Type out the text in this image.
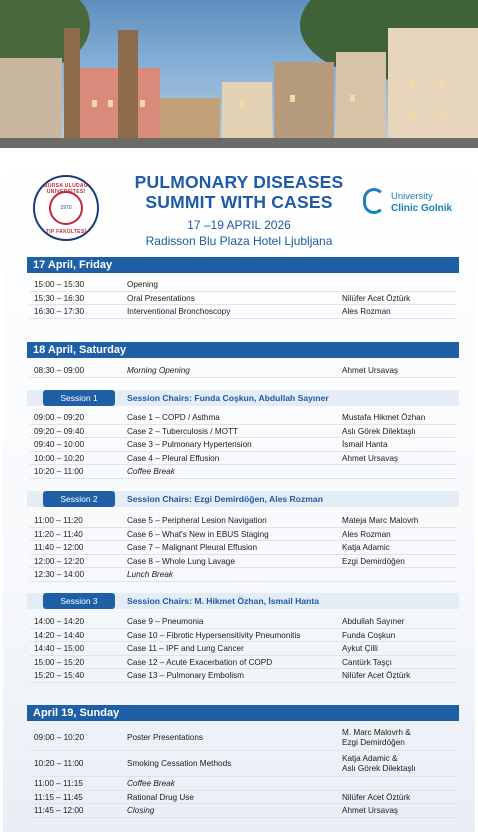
BURSA ULUDAĞ ÜNİVERSİTESİ
1970
TIP FAKÜLTESİ
PULMONARY DISEASES
SUMMIT WITH CASES
17 –19 APRIL 2026
Radisson Blu Plaza Hotel Ljubljana
University
Clinic Golnik
17 April, Friday
15:00 – 15:30	Opening
15:30 – 16:30	Oral Presentations	Nilüfer Acet Öztürk
16:30 – 17:30	Interventional Bronchoscopy	Ales Rozman
18 April, Saturday
08:30 – 09:00	Morning Opening	Ahmet Ursavaş
Session 1	Session Chairs: Funda Coşkun, Abdullah Sayıner
09:00 – 09:20	Case 1 – COPD / Asthma	Mustafa Hikmet Özhan
09:20 – 09:40	Case 2 – Tuberculosis / MOTT	Aslı Görek Dilektaşlı
09:40 – 10:00	Case 3 – Pulmonary Hypertension	İsmail Hanta
10:00 – 10:20	Case 4 – Pleural Effusion	Ahmet Ursavaş
10:20 – 11:00	Coffee Break
Session 2	Session Chairs: Ezgi Demirdöğen, Ales Rozman
11:00 – 11:20	Case 5 – Peripheral Lesion Navigation	Mateja Marc Malovrh
11:20 – 11:40	Case 6 – What's New in EBUS Staging	Ales Rozman
11:40 – 12:00	Case 7 – Malignant Pleural Effusion	Katja Adamic
12:00 – 12:20	Case 8 – Whole Lung Lavage	Ezgi Demirdöğen
12:30 – 14:00	Lunch Break
Session 3	Session Chairs: M. Hikmet Özhan, İsmail Hanta
14:00 – 14:20	Case 9 – Pneumonia	Abdullah Sayıner
14:20 – 14:40	Case 10 – Fibrotic Hypersensitivity Pneumonitis	Funda Coşkun
14:40 – 15:00	Case 11 – IPF and Lung Cancer	Aykut Çilli
15:00 – 15:20	Case 12 – Acute Exacerbation of COPD	Cantürk Taşçı
15:20 – 15:40	Case 13 – Pulmonary Embolism	Nilüfer Acet Öztürk
April 19, Sunday
09:00 – 10:20	Poster Presentations
M. Marc Malovrh &
Ezgi Demirdöğen
10:20 – 11:00	Smoking Cessation Methods
Katja Adamic &
Aslı Görek Dilektaşlı
11:00 – 11:15	Coffee Break
11:15 – 11:45	Rational Drug Use	Nilüfer Acet Öztürk
11:45 – 12:00	Closing	Ahmet Ursavaş
